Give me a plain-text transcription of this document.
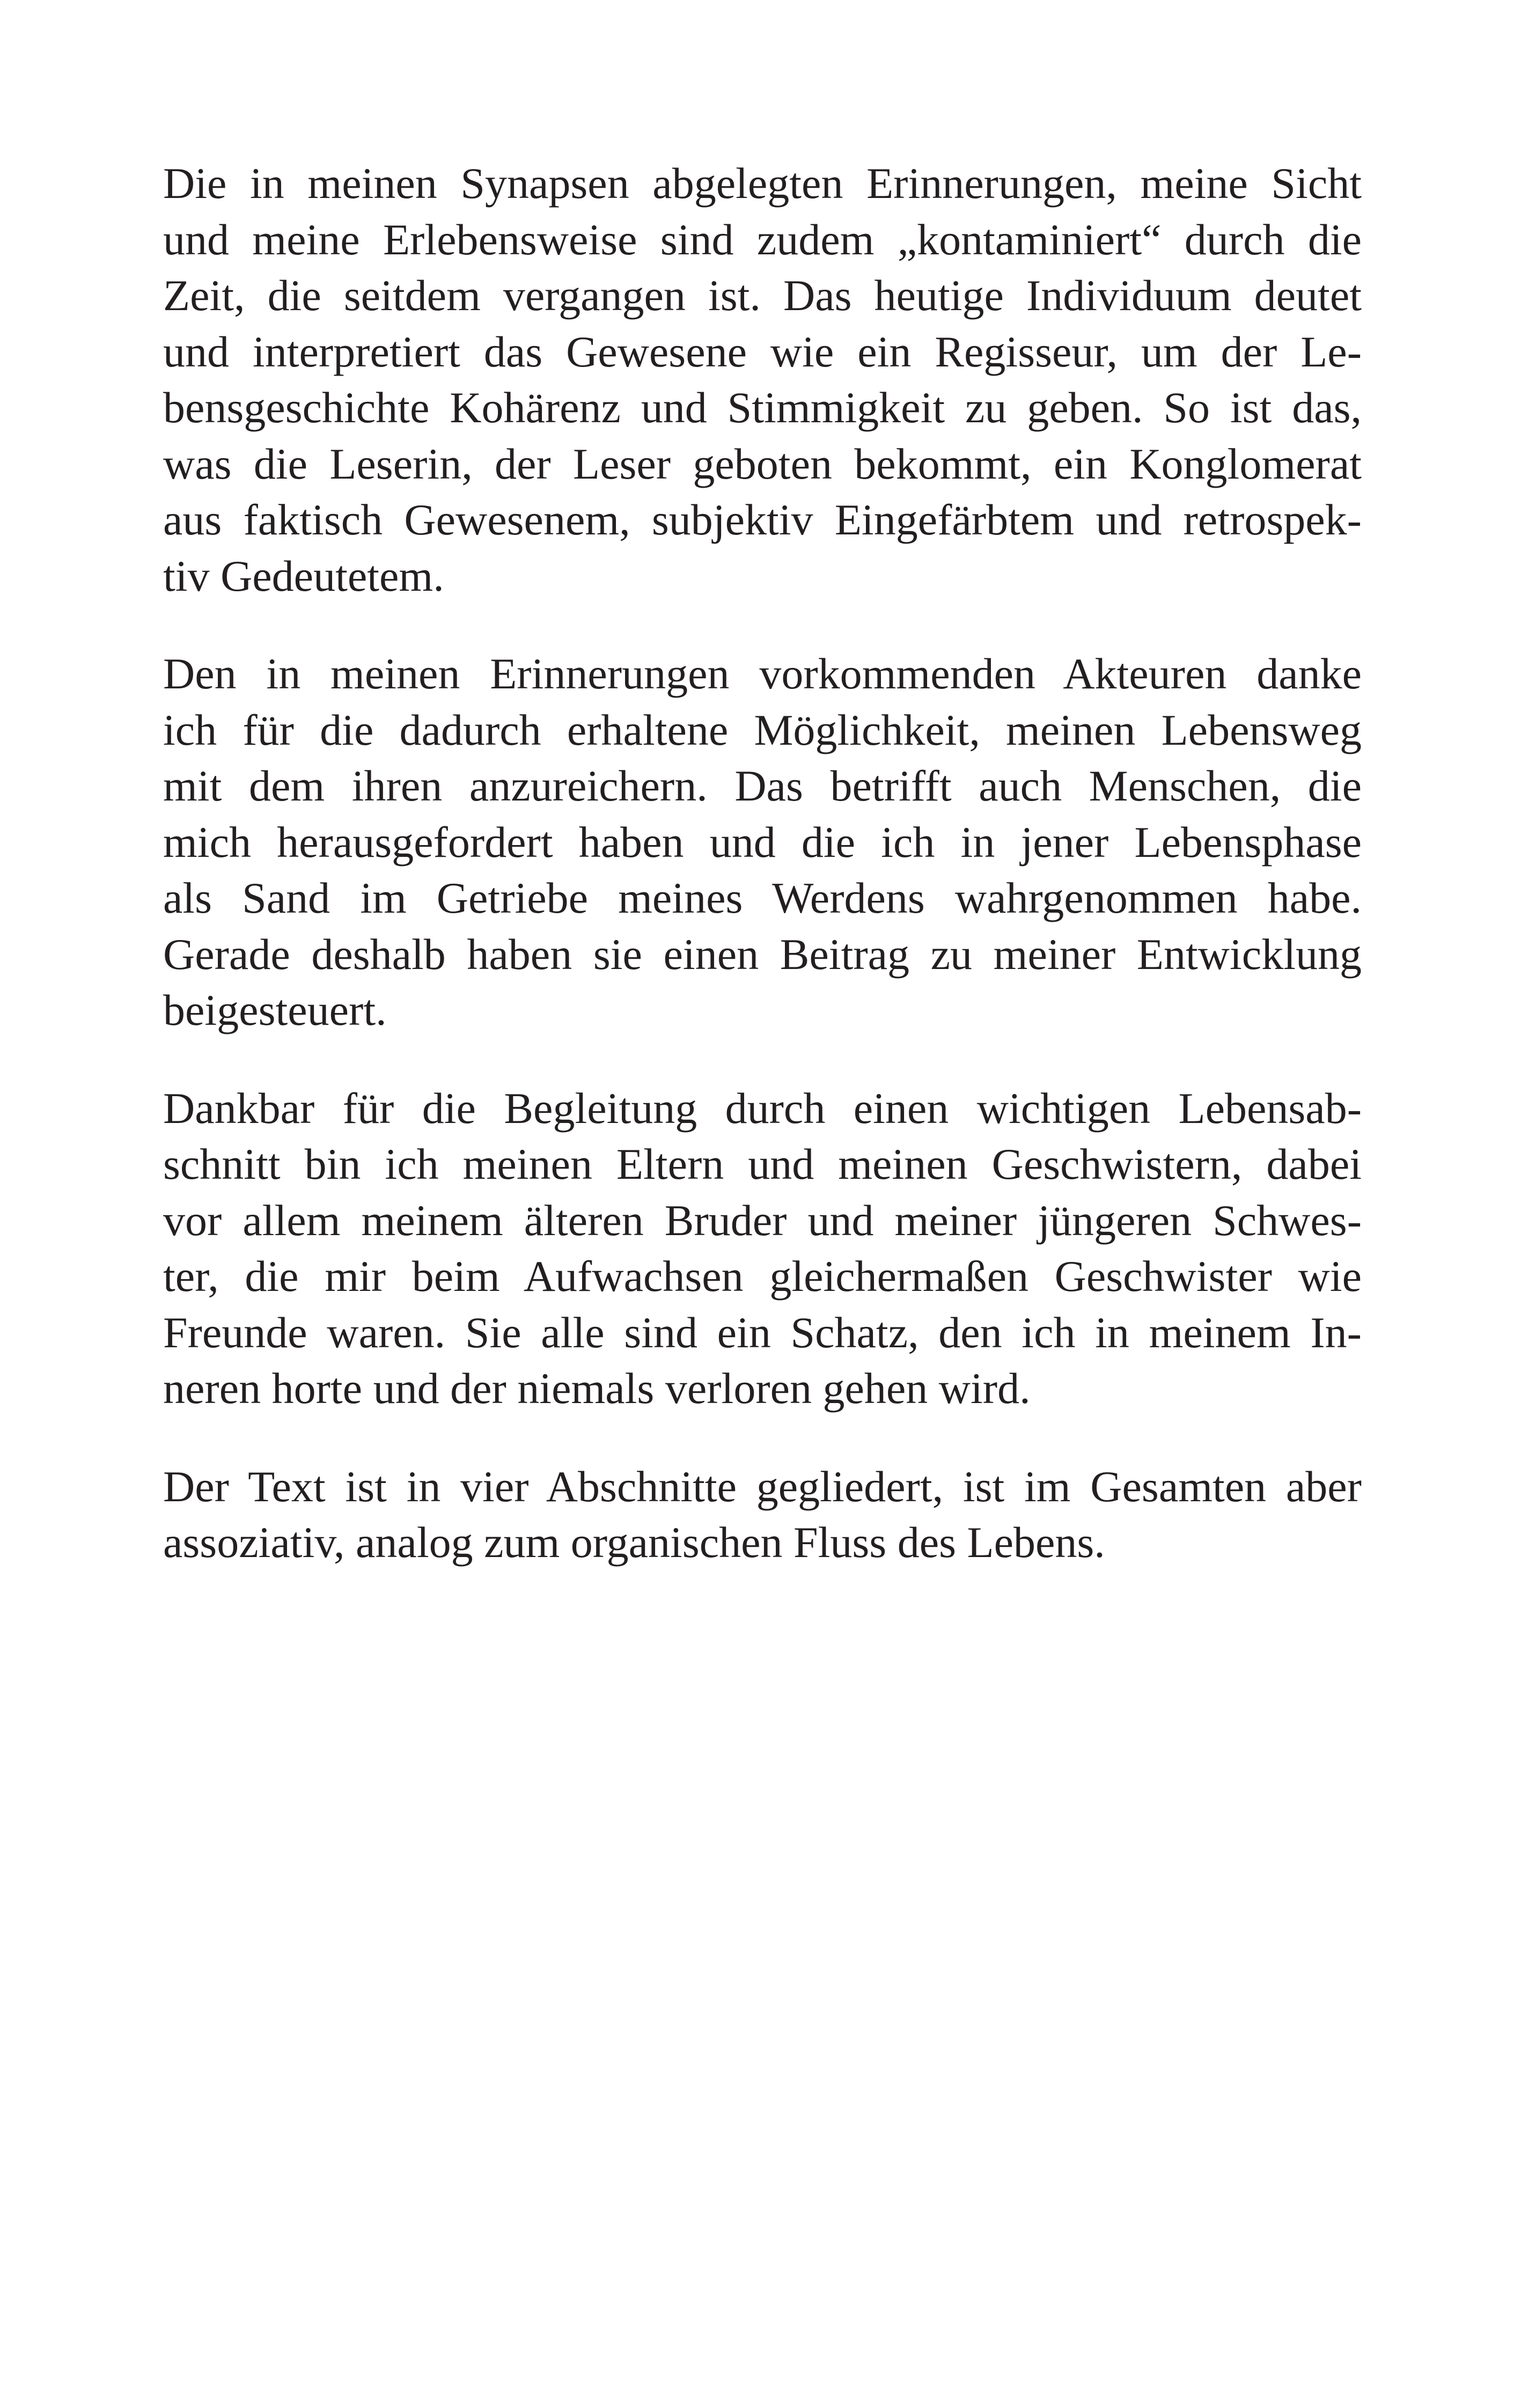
Die in meinen Synapsen abgelegten Erinnerungen, meine Sicht
und meine Erlebensweise sind zudem „kontaminiert“ durch die
Zeit, die seitdem vergangen ist. Das heutige Individuum deutet
und interpretiert das Gewesene wie ein Regisseur, um der Le-
bensgeschichte Kohärenz und Stimmigkeit zu geben. So ist das,
was die Leserin, der Leser geboten bekommt, ein Konglomerat
aus faktisch Gewesenem, subjektiv Eingefärbtem und retrospek-
tiv Gedeutetem.

Den in meinen Erinnerungen vorkommenden Akteuren danke
ich für die dadurch erhaltene Möglichkeit, meinen Lebensweg
mit dem ihren anzureichern. Das betrifft auch Menschen, die
mich herausgefordert haben und die ich in jener Lebensphase
als Sand im Getriebe meines Werdens wahrgenommen habe.
Gerade deshalb haben sie einen Beitrag zu meiner Entwicklung
beigesteuert.

Dankbar für die Begleitung durch einen wichtigen Lebensab-
schnitt bin ich meinen Eltern und meinen Geschwistern, dabei
vor allem meinem älteren Bruder und meiner jüngeren Schwes-
ter, die mir beim Aufwachsen gleichermaßen Geschwister wie
Freunde waren. Sie alle sind ein Schatz, den ich in meinem In-
neren horte und der niemals verloren gehen wird.

Der Text ist in vier Abschnitte gegliedert, ist im Gesamten aber
assoziativ, analog zum organischen Fluss des Lebens.
